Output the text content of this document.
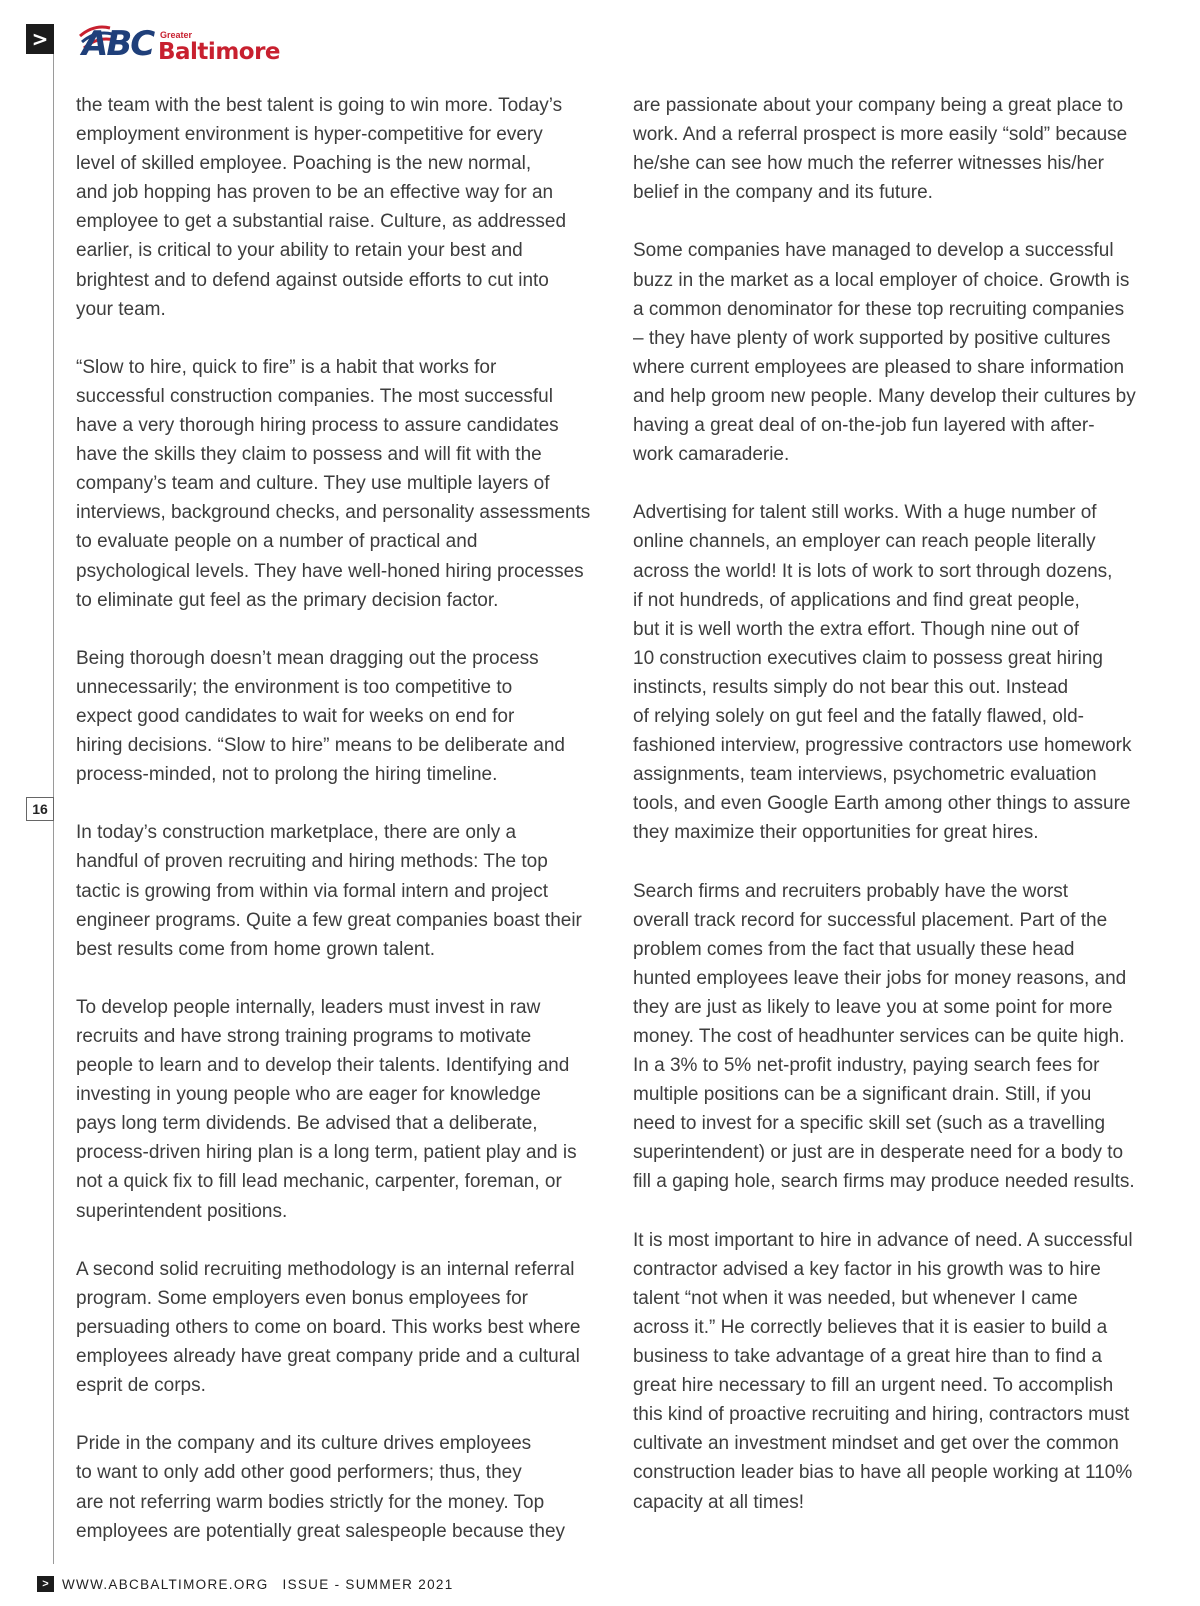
> ABC Greater
Baltimore
16

the team with the best talent is going to win more. Today’s
employment environment is hyper-competitive for every
level of skilled employee. Poaching is the new normal,
and job hopping has proven to be an effective way for an
employee to get a substantial raise. Culture, as addressed
earlier, is critical to your ability to retain your best and
brightest and to defend against outside efforts to cut into
your team.

“Slow to hire, quick to fire” is a habit that works for
successful construction companies. The most successful
have a very thorough hiring process to assure candidates
have the skills they claim to possess and will fit with the
company’s team and culture. They use multiple layers of
interviews, background checks, and personality assessments
to evaluate people on a number of practical and
psychological levels. They have well-honed hiring processes
to eliminate gut feel as the primary decision factor.

Being thorough doesn’t mean dragging out the process
unnecessarily; the environment is too competitive to
expect good candidates to wait for weeks on end for
hiring decisions. “Slow to hire” means to be deliberate and
process-minded, not to prolong the hiring timeline.

In today’s construction marketplace, there are only a
handful of proven recruiting and hiring methods: The top
tactic is growing from within via formal intern and project
engineer programs. Quite a few great companies boast their
best results come from home grown talent.

To develop people internally, leaders must invest in raw
recruits and have strong training programs to motivate
people to learn and to develop their talents. Identifying and
investing in young people who are eager for knowledge
pays long term dividends. Be advised that a deliberate,
process-driven hiring plan is a long term, patient play and is
not a quick fix to fill lead mechanic, carpenter, foreman, or
superintendent positions.

A second solid recruiting methodology is an internal referral
program. Some employers even bonus employees for
persuading others to come on board. This works best where
employees already have great company pride and a cultural
esprit de corps.

Pride in the company and its culture drives employees
to want to only add other good performers; thus, they
are not referring warm bodies strictly for the money. Top
employees are potentially great salespeople because they

are passionate about your company being a great place to
work. And a referral prospect is more easily “sold” because
he/she can see how much the referrer witnesses his/her
belief in the company and its future.

Some companies have managed to develop a successful
buzz in the market as a local employer of choice. Growth is
a common denominator for these top recruiting companies
– they have plenty of work supported by positive cultures
where current employees are pleased to share information
and help groom new people. Many develop their cultures by
having a great deal of on-the-job fun layered with after-
work camaraderie.

Advertising for talent still works. With a huge number of
online channels, an employer can reach people literally
across the world! It is lots of work to sort through dozens,
if not hundreds, of applications and find great people,
but it is well worth the extra effort. Though nine out of
10 construction executives claim to possess great hiring
instincts, results simply do not bear this out. Instead
of relying solely on gut feel and the fatally flawed, old-
fashioned interview, progressive contractors use homework
assignments, team interviews, psychometric evaluation
tools, and even Google Earth among other things to assure
they maximize their opportunities for great hires.

Search firms and recruiters probably have the worst
overall track record for successful placement. Part of the
problem comes from the fact that usually these head
hunted employees leave their jobs for money reasons, and
they are just as likely to leave you at some point for more
money. The cost of headhunter services can be quite high.
In a 3% to 5% net-profit industry, paying search fees for
multiple positions can be a significant drain. Still, if you
need to invest for a specific skill set (such as a travelling
superintendent) or just are in desperate need for a body to
fill a gaping hole, search firms may produce needed results.

It is most important to hire in advance of need. A successful
contractor advised a key factor in his growth was to hire
talent “not when it was needed, but whenever I came
across it.” He correctly believes that it is easier to build a
business to take advantage of a great hire than to find a
great hire necessary to fill an urgent need. To accomplish
this kind of proactive recruiting and hiring, contractors must
cultivate an investment mindset and get over the common
construction leader bias to have all people working at 110%
capacity at all times!

> WWW.ABCBALTIMORE.ORG ISSUE - SUMMER 2021
